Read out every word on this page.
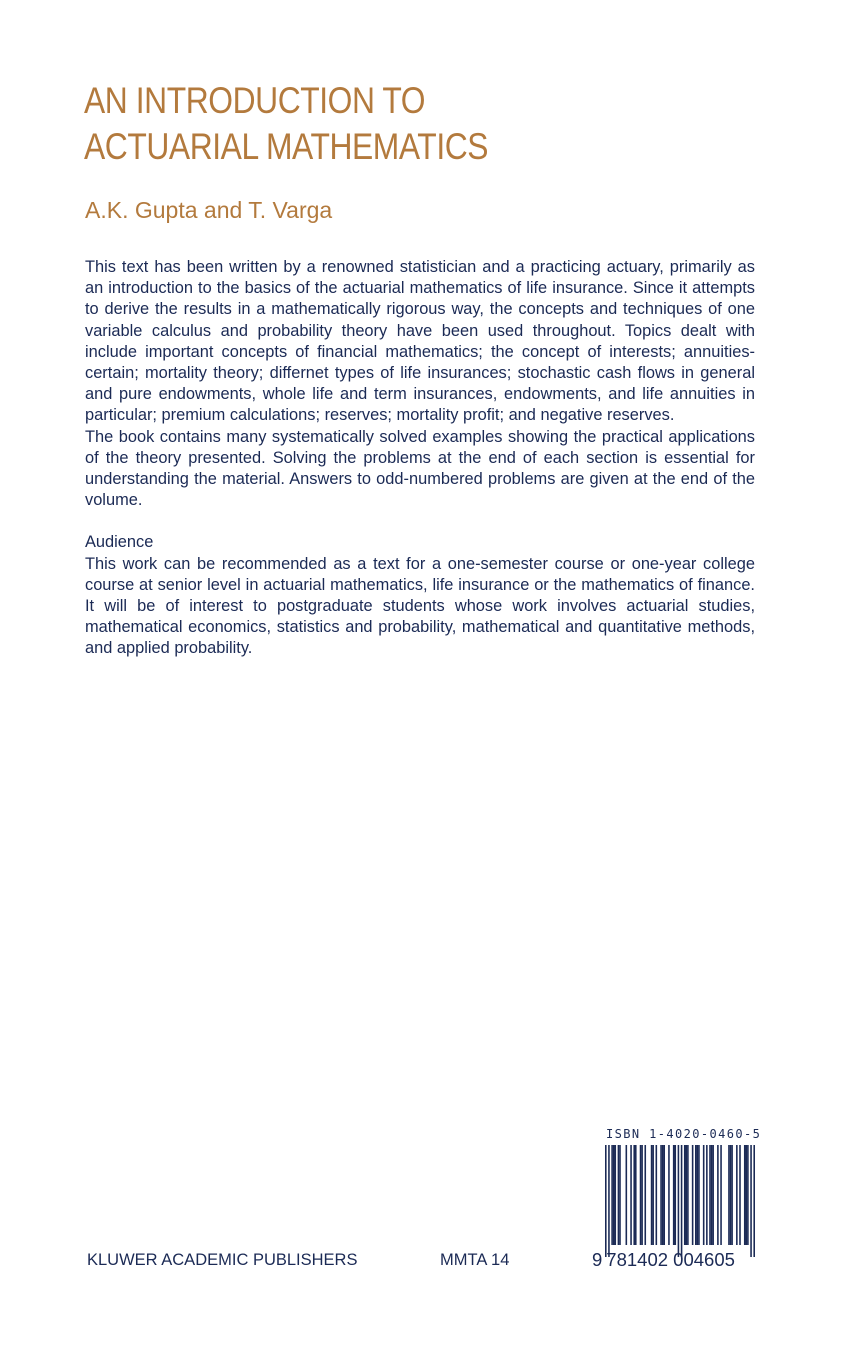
AN INTRODUCTION TO
ACTUARIAL MATHEMATICS
A.K. Gupta and T. Varga

This text has been written by a renowned statistician and a practicing actuary, primarily as an introduction to the basics of the actuarial mathematics of life insurance. Since it attempts to derive the results in a mathematically rigorous way, the concepts and techniques of one variable calculus and probability theory have been used throughout. Topics dealt with include important concepts of financial mathematics; the concept of interests; annuities-certain; mortality theory; differnet types of life insurances; stochastic cash flows in general and pure endowments, whole life and term insurances, endowments, and life annuities in particular; premium calculations; reserves; mortality profit; and negative reserves.

The book contains many systematically solved examples showing the practical applications of the theory presented. Solving the problems at the end of each section is essential for understanding the material. Answers to odd-numbered problems are given at the end of the volume.

Audience

This work can be recommended as a text for a one-semester course or one-year college course at senior level in actuarial mathematics, life insurance or the mathematics of finance. It will be of interest to postgraduate students whose work involves actuarial studies, mathematical economics, statistics and probability, mathematical and quantitative methods, and applied probability.

ISBN 1-4020-0460-5
9 781402 004605
KLUWER ACADEMIC PUBLISHERS	MMTA 14
